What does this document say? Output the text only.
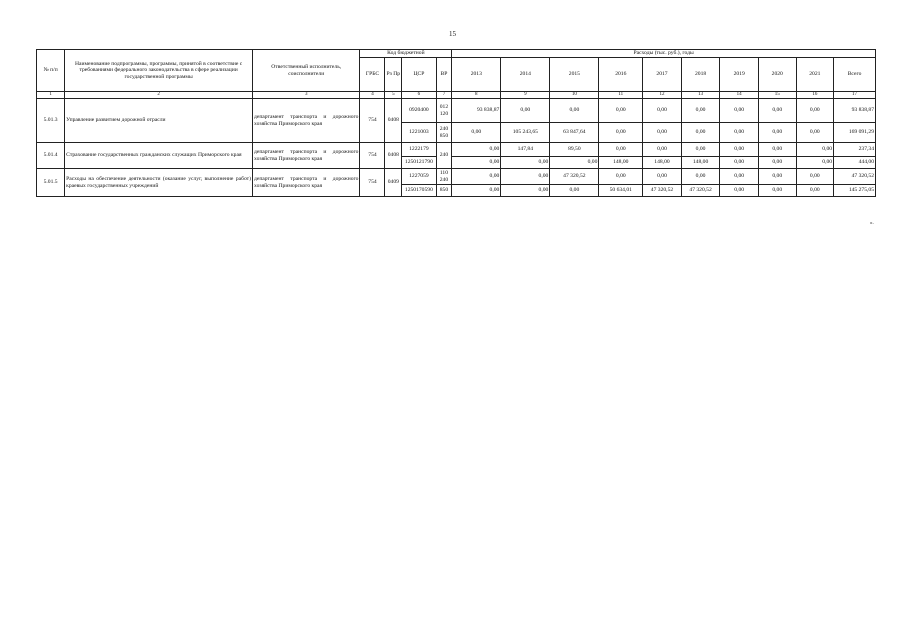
15
№ п/п	Наименование подпрограммы, программы, принятой в соответствие с требованиями федерального законодательства в сфере реализации государственной программы	Ответственный исполнитель, соисполнители	Код бюджетной				Расходы (тыс. руб.), годы									
			ГРБС	Рз Пр	ЦСР	ВР	2013	2014	2015	2016	2017	2018	2019	2020	2021	Всего
1	2	3	4	5	6	7	8	9	10	11	12	13	14	15	16	17
5.01.3	Управление развитием дорожной отрасли	департамент транспорта и дорожного хозяйства Приморского края	754	0408	0920400	012 120	93 838,87	0,00	0,00	0,00	0,00	0,00	0,00	0,00	0,00	93 838,87
					1221003	240 850	0,00	105 243,65	63 847,64	0,00	0,00	0,00	0,00	0,00	0,00	169 091,29
5.01.4	Страхование государственных гражданских служащих Приморского края	департамент транспорта и дорожного хозяйства Приморского края	754	0408	1222179	240	0,00	147,84	89,50	0,00	0,00	0,00	0,00	0,00	0,00	237,34
					1250121790		0,00	0,00	0,00	148,00	148,00	148,00	0,00	0,00	0,00	444,00
5.01.5	Расходы на обеспечение деятельности (оказание услуг, выполнение работ) краевых государственных учреждений	департамент транспорта и дорожного хозяйства Приморского края	754	0409	1227059	110 240	0,00	0,00	47 320,52	0,00	0,00	0,00	0,00	0,00	0,00	47 320,52
					1250170590	850	0,00	0,00	0,00	50 634,01	47 320,52	47 320,52	0,00	0,00	0,00	145 275,05
».
